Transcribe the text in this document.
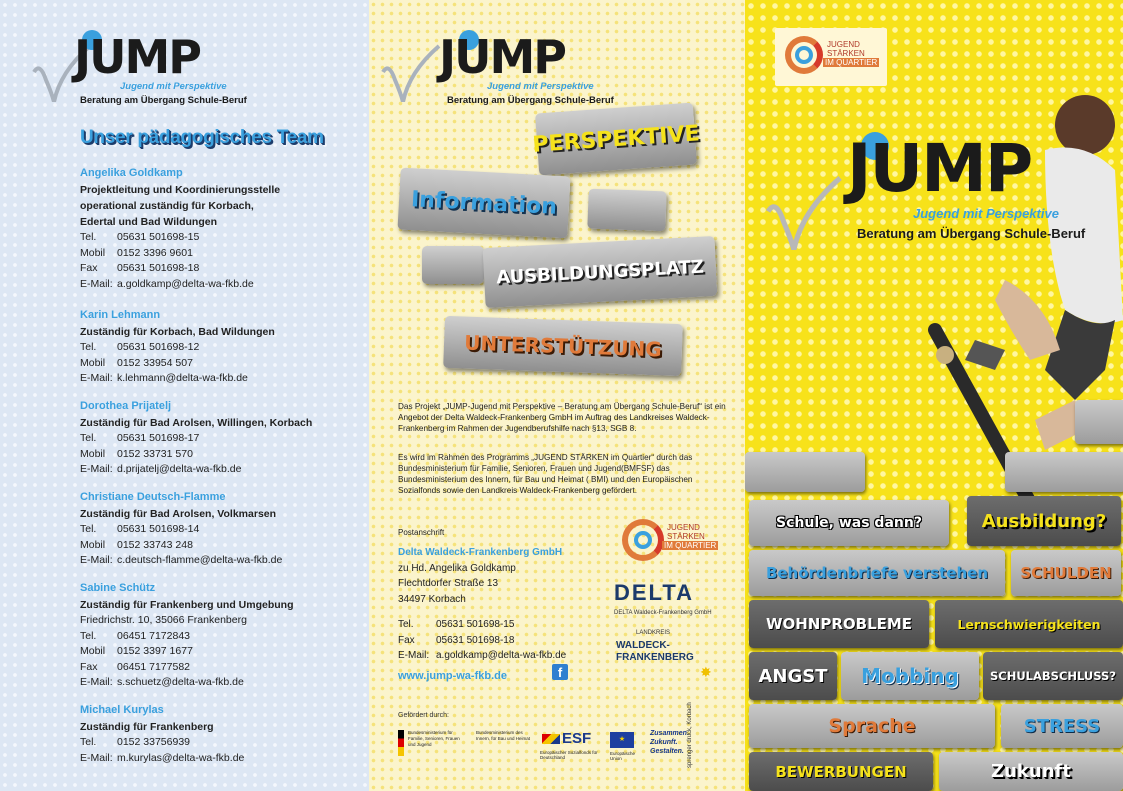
JUMP
Jugend mit Perspektive
Beratung am Übergang Schule-Beruf
Unser pädagogisches Team
Angelika Goldkamp
Projektleitung und Koordinierungsstelle
operational zuständig für Korbach,
Edertal und Bad Wildungen
Tel.	05631 501698-15
Mobil	0152 3396 9601
Fax	05631 501698-18
E-Mail: a.goldkamp@delta-wa-fkb.de
Karin Lehmann
Zuständig für Korbach, Bad Wildungen
Tel.	05631 501698-12
Mobil	0152 33954 507
E-Mail: k.lehmann@delta-wa-fkb.de
Dorothea Prijatelj
Zuständig für Bad Arolsen, Willingen, Korbach
Tel.	05631 501698-17
Mobil	0152 33731 570
E-Mail: d.prijatelj@delta-wa-fkb.de
Christiane Deutsch-Flamme
Zuständig für Bad Arolsen, Volkmarsen
Tel.	05631 501698-14
Mobil	0152 33743 248
E-Mail: c.deutsch-flamme@delta-wa-fkb.de
Sabine Schütz
Zuständig für Frankenberg und Umgebung
Friedrichstr. 10, 35066 Frankenberg
Tel.	06451 7172843
Mobil	0152 3397 1677
Fax	06451 7177582
E-Mail: s.schuetz@delta-wa-fkb.de
Michael Kurylas
Zuständig für Frankenberg
Tel.	0152 33756939
E-Mail: m.kurylas@delta-wa-fkb.de
JUMP
Jugend mit Perspektive
Beratung am Übergang Schule-Beruf
PERSPEKTIVE
Information
AUSBILDUNGSPLATZ
UNTERSTÜTZUNG
Das Projekt „JUMP-Jugend mit Perspektive – Beratung am Übergang Schule-Beruf“ ist ein Angebot der Delta Waldeck-Frankenberg GmbH im Auftrag des Landkreises Waldeck-Frankenberg im Rahmen der Jugendberufshilfe nach §13, SGB 8.
Es wird im Rahmen des Programms „JUGEND STÄRKEN im Quartier“ durch das Bundesministerium für Familie, Senioren, Frauen und Jugend(BMFSF) das Bundesministerium des Innern, für Bau und Heimat ( BMI) und den Europäischen Sozialfonds sowie den Landkreis Waldeck-Frankenberg gefördert.
Postanschrift
Delta Waldeck-Frankenberg GmbH
zu Hd. Angelika Goldkamp
Flechtdorfer Straße 13
34497 Korbach
Tel.	05631 501698-15
Fax	05631 501698-18
E-Mail: a.goldkamp@delta-wa-fkb.de
www.jump-wa-fkb.de	f
JUGEND
STÄRKEN
IM QUARTIER
DELTA
DELTA Waldeck-Frankenberg GmbH
LANDKREIS
WALDECK-
FRANKENBERG
✸
Gefördert durch:
Bundesministerium für Familie, Senioren, Frauen und Jugend
Bundesministerium des Innern, für Bau und Heimat ESF
Europäischer Sozialfonds für Deutschland
★
Europäische Union
Zusammen.
Zukunft.
Gestalten. sprenger druck, Korbach
JUGEND
STÄRKEN
IM QUARTIER
JUMP
Jugend mit Perspektive
Beratung am Übergang Schule-Beruf
Schule, was dann?	Ausbildung?
Behördenbriefe verstehen SCHULDEN
WOHNPROBLEME	Lernschwierigkeiten
ANGST Mobbing	SCHULABSCHLUSS?
Sprache	STRESS
BEWERBUNGEN	Zukunft
